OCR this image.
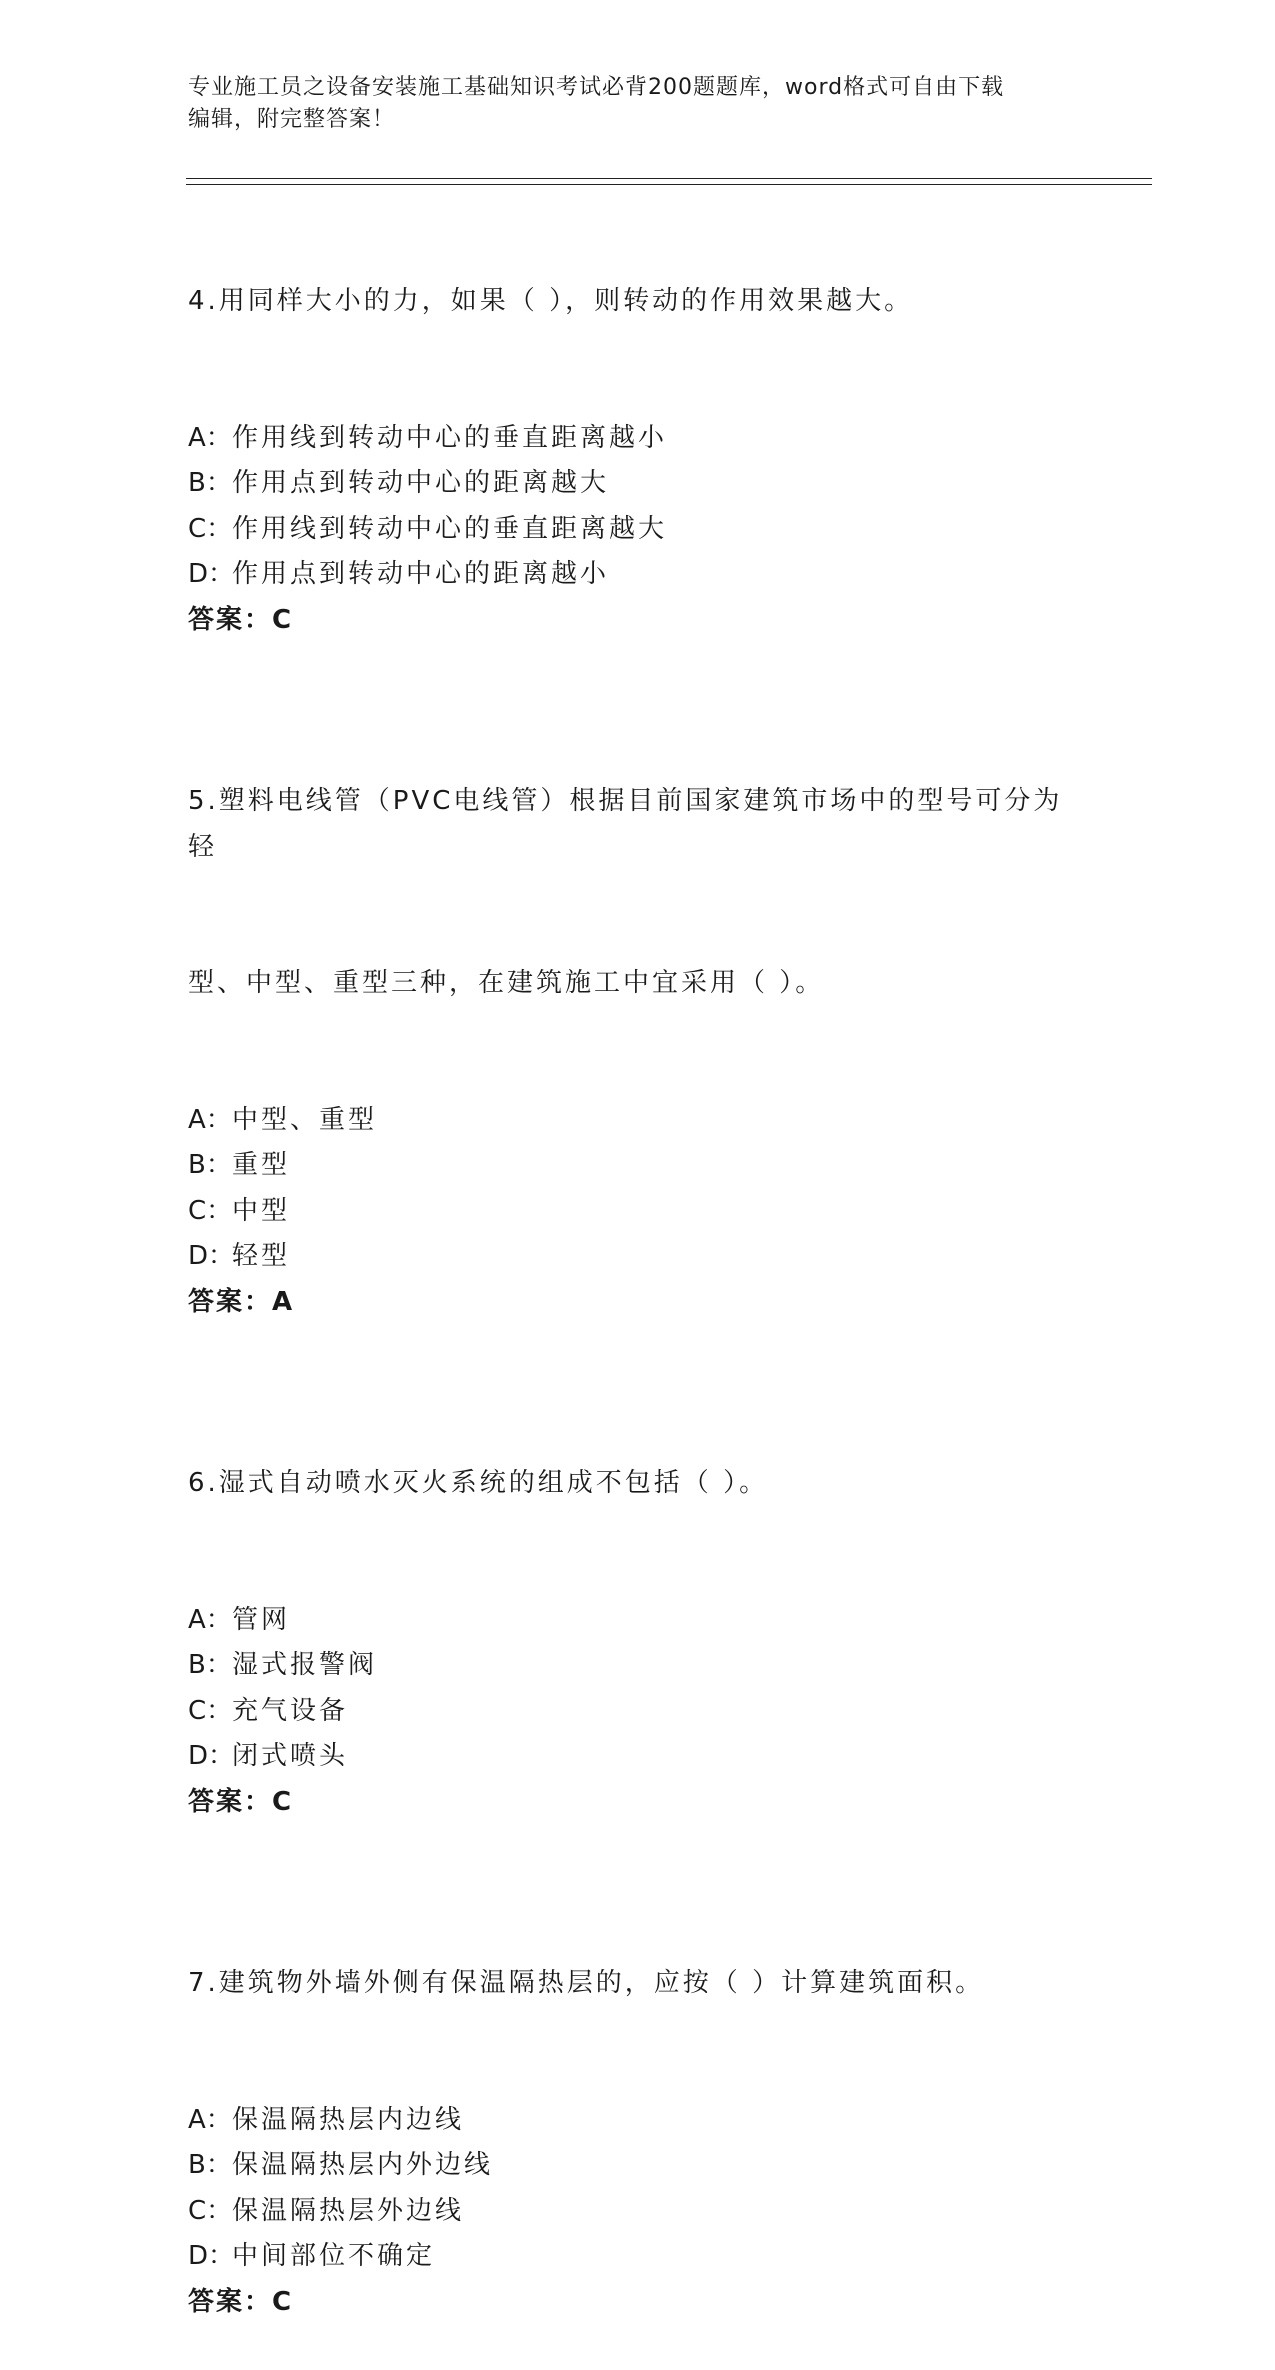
专业施工员之设备安装施工基础知识考试必背200题题库，word格式可自由下载
编辑，附完整答案！

4.用同样大小的力，如果（ ），则转动的作用效果越大。

A：作用线到转动中心的垂直距离越小
B：作用点到转动中心的距离越大
C：作用线到转动中心的垂直距离越大
D：作用点到转动中心的距离越小
答案：C

5.塑料电线管（PVC电线管）根据目前国家建筑市场中的型号可分为轻

型、中型、重型三种，在建筑施工中宜采用（ ）。

A：中型、重型
B：重型
C：中型
D：轻型
答案：A

6.湿式自动喷水灭火系统的组成不包括（ ）。

A：管网
B：湿式报警阀
C：充气设备
D：闭式喷头
答案：C

7.建筑物外墙外侧有保温隔热层的，应按（ ）计算建筑面积。

A：保温隔热层内边线
B：保温隔热层内外边线
C：保温隔热层外边线
D：中间部位不确定
答案：C
